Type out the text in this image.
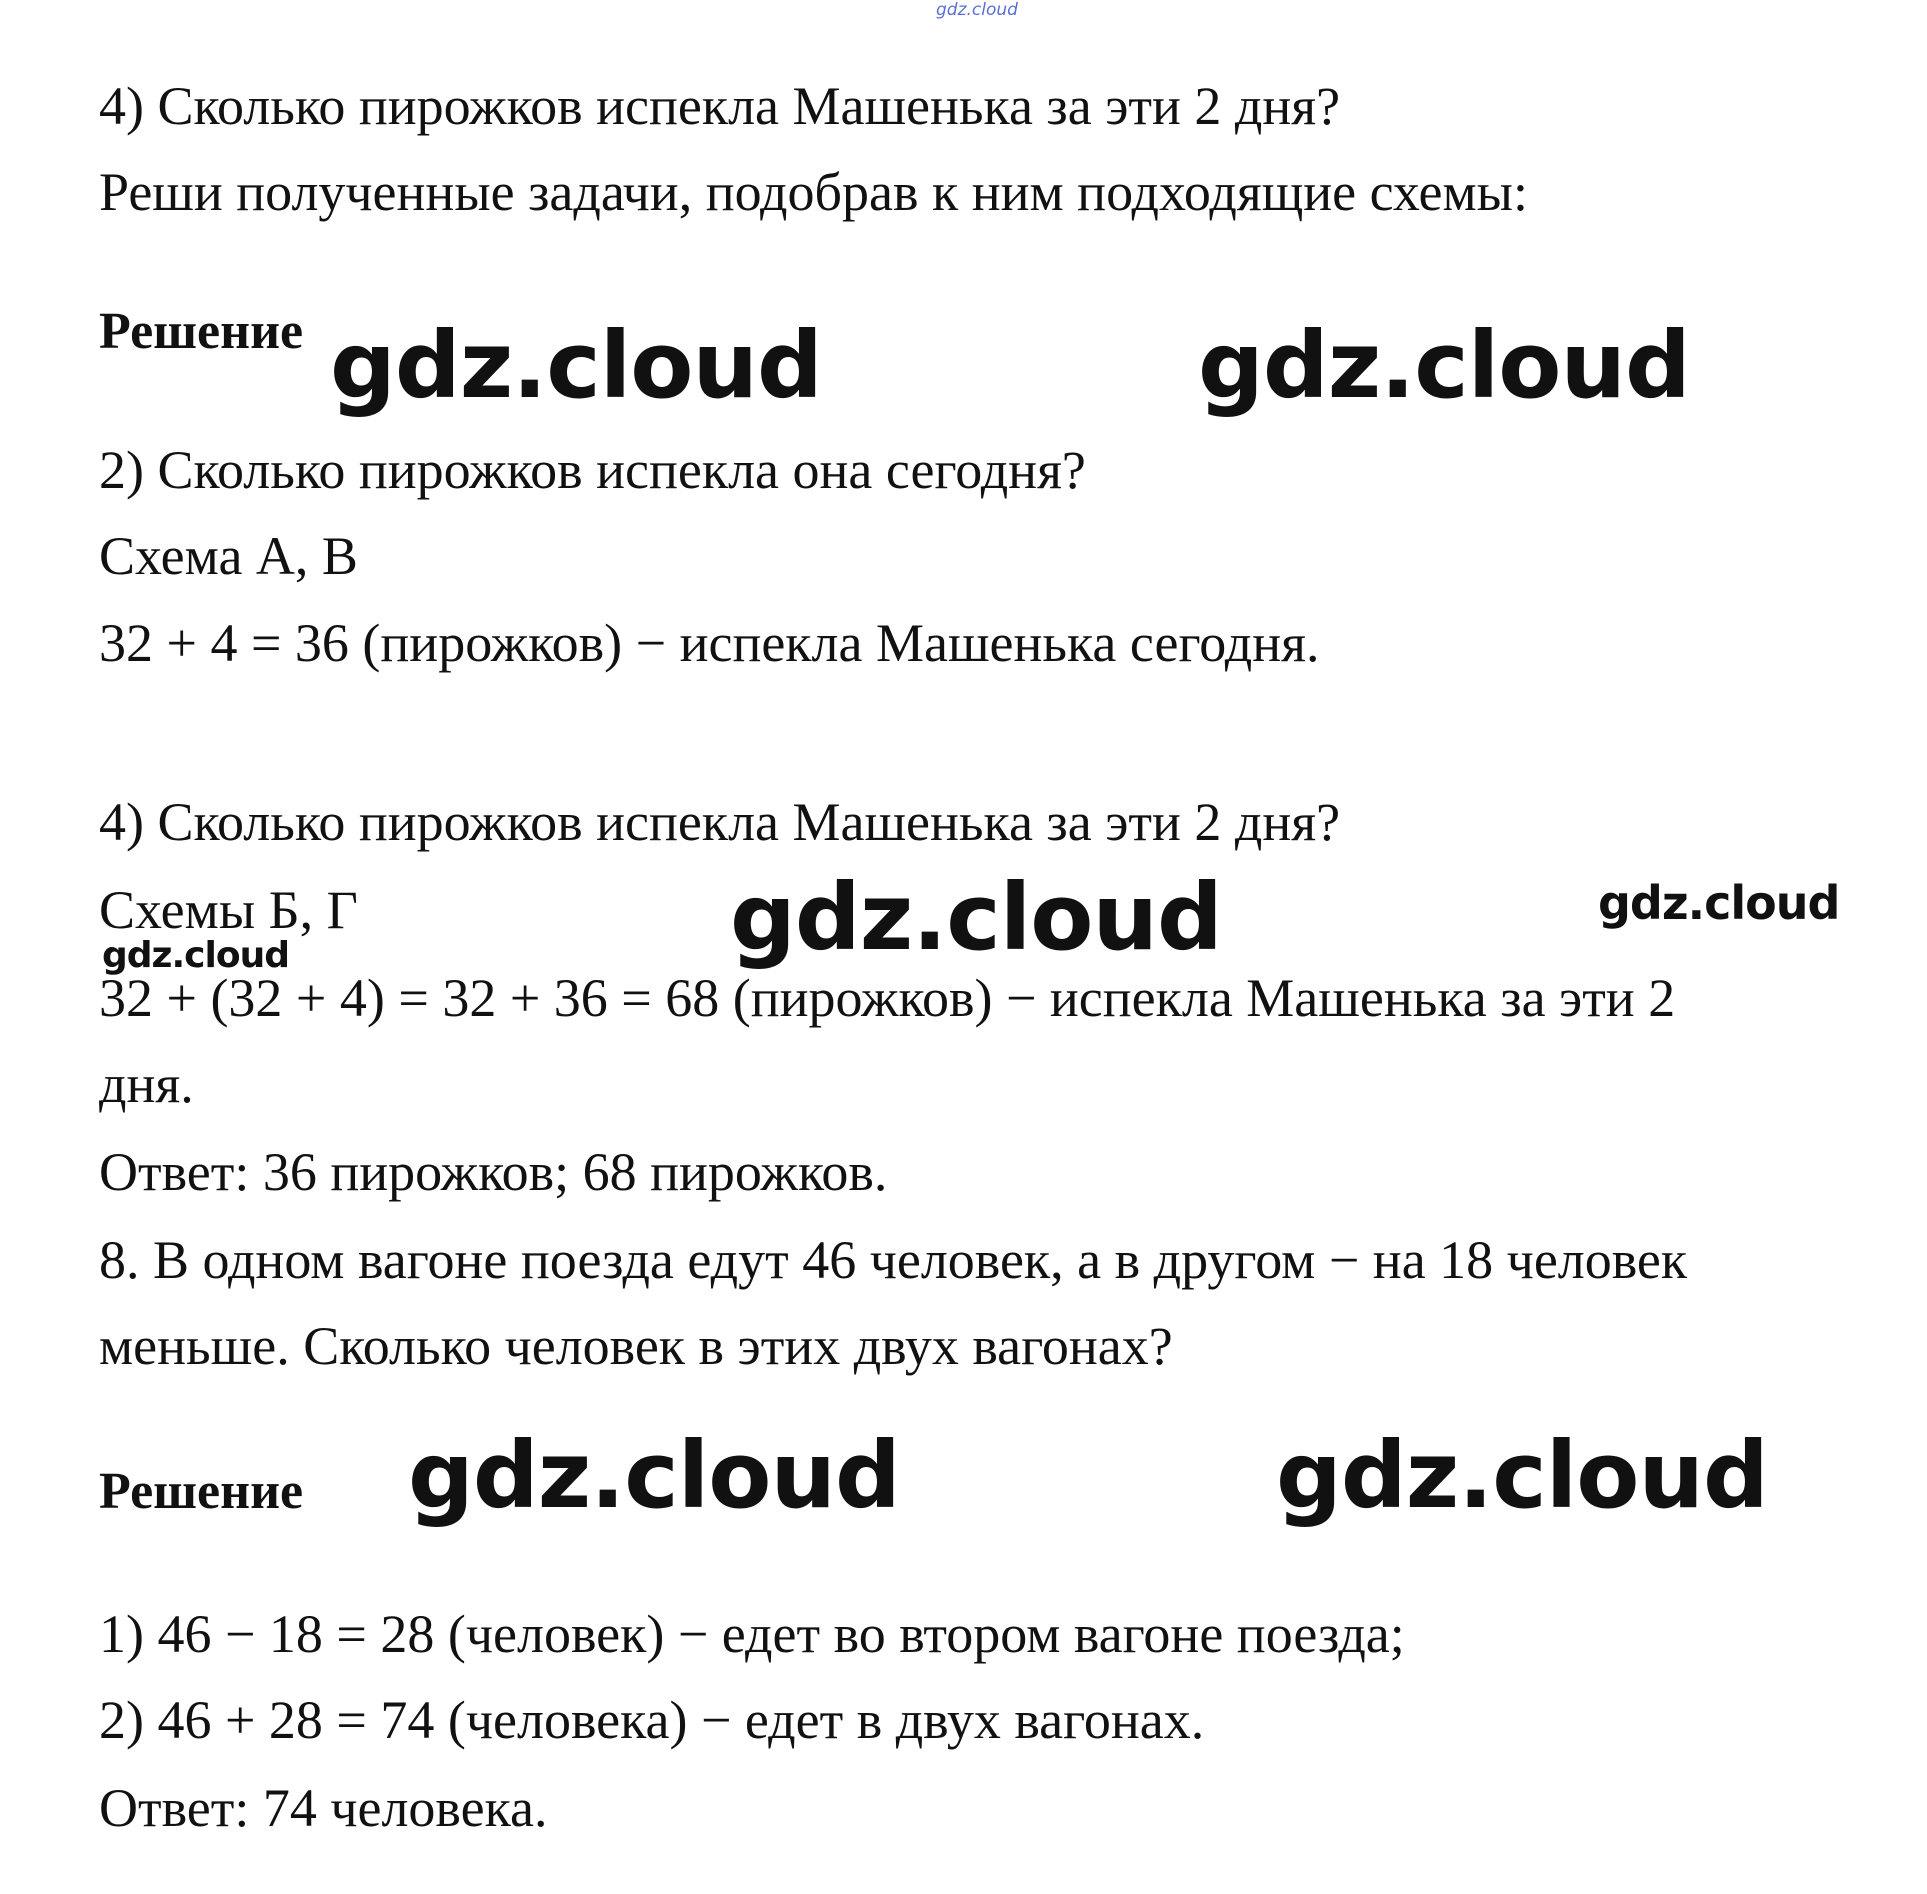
gdz.cloud
4) Сколько пирожков испекла Машенька за эти 2 дня?
Реши полученные задачи, подобрав к ним подходящие схемы:
Решение gdz.cloud	gdz.cloud
2) Сколько пирожков испекла она сегодня?
Схема А, В
32 + 4 = 36 (пирожков) − испекла Машенька сегодня.
4) Сколько пирожков испекла Машенька за эти 2 дня?
Схемы Б, Г	gdz.cloud	gdz.cloud
gdz.cloud
32 + (32 + 4) = 32 + 36 = 68 (пирожков) − испекла Машенька за эти 2
дня.
Ответ: 36 пирожков; 68 пирожков.
8. В одном вагоне поезда едут 46 человек, а в другом − на 18 человек
меньше. Сколько человек в этих двух вагонах?
Решение gdz.cloud	gdz.cloud
1) 46 − 18 = 28 (человек) − едет во втором вагоне поезда;
2) 46 + 28 = 74 (человека) − едет в двух вагонах.
Ответ: 74 человека.
